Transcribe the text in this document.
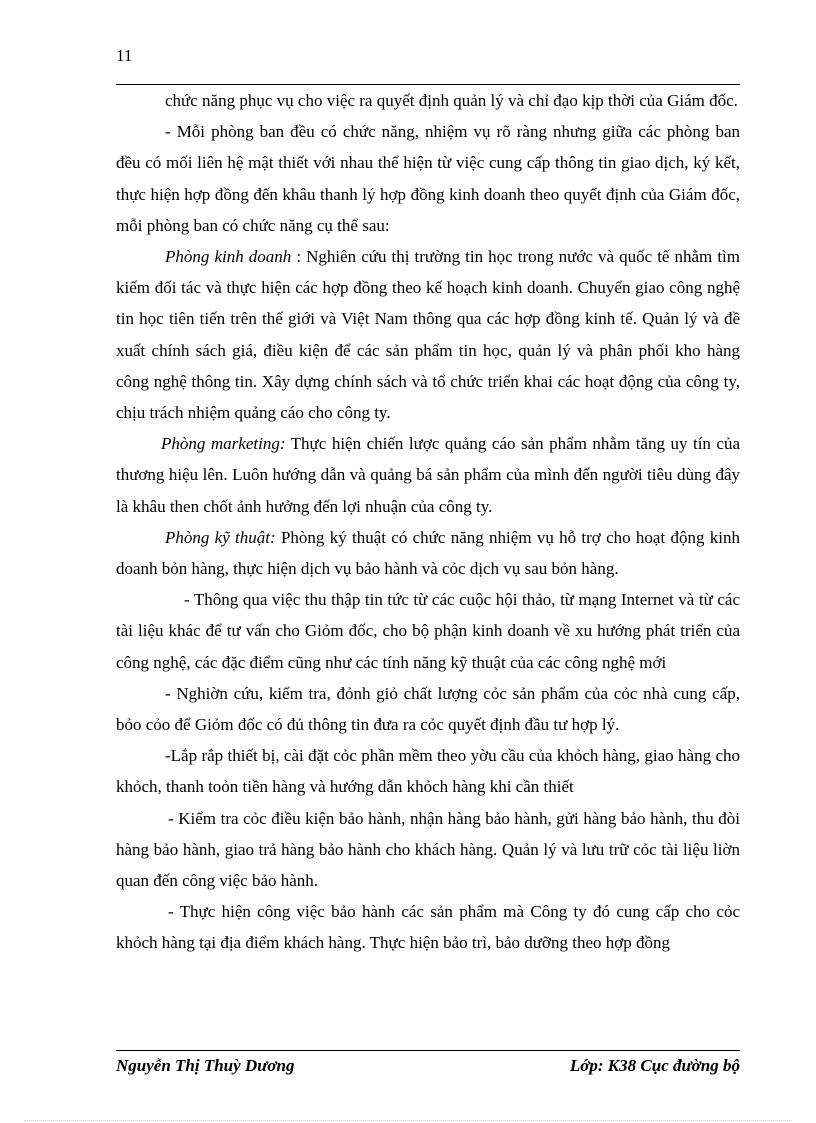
11

chức năng phục vụ cho việc ra quyết định quản lý và chỉ đạo kịp thời của Giám đốc.

- Mỗi phòng ban đều có chức năng, nhiệm vụ rõ ràng nhưng giữa các phòng ban đều có mối liên hệ mật thiết với nhau thể hiện từ việc cung cấp thông tin giao dịch, ký kết, thực hiện hợp đồng đến khâu thanh lý hợp đồng kinh doanh theo quyết định của Giám đốc, mỗi phòng ban có chức năng cụ thể sau:

Phòng kinh doanh : Nghiên cứu thị trường tin học trong nước và quốc tế nhằm tìm kiếm đối tác và thực hiện các hợp đồng theo kế hoạch kinh doanh. Chuyển giao công nghệ tin học tiên tiến trên thế giới và Việt Nam thông qua các hợp đồng kinh tế. Quản lý và đề xuất chính sách giá, điều kiện để các sản phẩm tin học, quản lý và phân phối kho hàng công nghệ thông tin. Xây dựng chính sách và tổ chức triển khai các hoạt động của công ty, chịu trách nhiệm quảng cáo cho công ty.

Phòng marketing: Thực hiện chiến lược quảng cáo sản phẩm nhằm tăng uy tín của thương hiệu lên. Luôn hướng dẫn và quảng bá sản phẩm của mình đến người tiêu dùng đây là khâu then chốt ảnh hưởng đến lợi nhuận của công ty.

Phòng kỹ thuật: Phòng ký thuật có chức năng nhiệm vụ hỗ trợ cho hoạt động kinh doanh bỏn hàng, thực hiện dịch vụ bảo hành và cỏc dịch vụ sau bỏn hàng.

- Thông qua việc thu thập tin tức từ các cuộc hội thảo, từ mạng Internet và từ các tài liệu khác để tư vấn cho Giỏm đốc, cho bộ phận kinh doanh về xu hướng phát triển của công nghệ, các đặc điểm cũng như các tính năng kỹ thuật của các công nghệ mới

- Nghiờn cứu, kiểm tra, đỏnh giỏ chất lượng cỏc sản phẩm của cỏc nhà cung cấp, bỏo cỏo để Giỏm đốc có đủ thông tin đưa ra cỏc quyết định đầu tư hợp lý.

-Lắp rắp thiết bị, cài đặt cỏc phần mềm theo yờu cầu của khỏch hàng, giao hàng cho khỏch, thanh toỏn tiền hàng và hướng dẫn khỏch hàng khi cần thiết

- Kiểm tra cỏc điều kiện bảo hành, nhận hàng bảo hành, gửi hàng bảo hành, thu đòi hàng bảo hành, giao trả hàng bảo hành cho khách hàng. Quản lý và lưu trữ cỏc tài liệu liờn quan đến công việc bảo hành.

- Thực hiện công việc bảo hành các sản phẩm mà Công ty đó cung cấp cho cỏc khỏch hàng tại địa điểm khách hàng. Thực hiện bảo trì, bảo dưỡng theo hợp đồng

Nguyễn Thị Thuỳ Dương	Lớp: K38 Cục đường bộ
